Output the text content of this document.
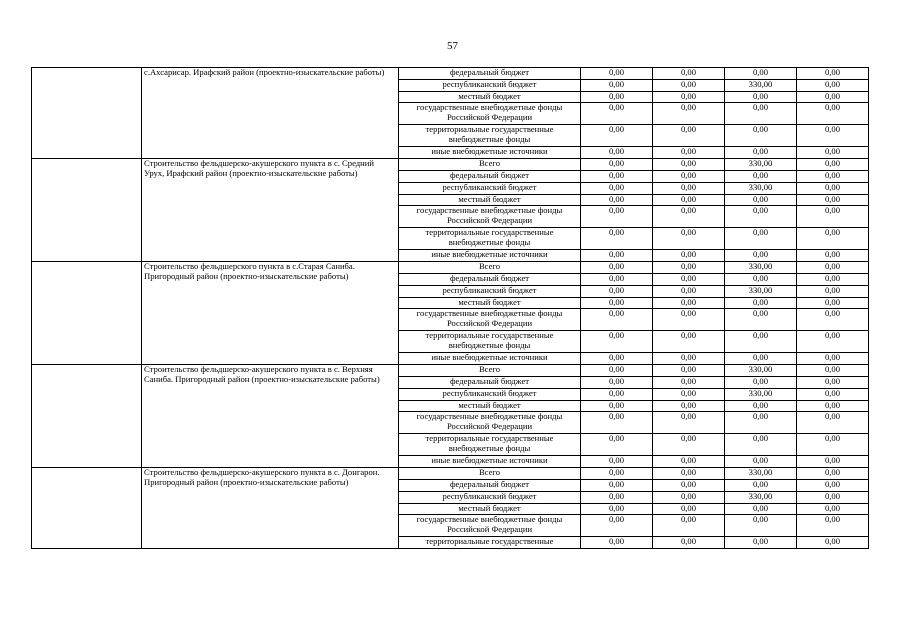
57
	с.Ахсарисар. Ирафский район (проектно-изыскательские работы)	федеральный бюджет	0,00	0,00	0,00	0,00
		республиканский бюджет	0,00	0,00	330,00	0,00
		местный бюджет	0,00	0,00	0,00	0,00
		государственные внебюджетные фонды Российской Федерации	0,00	0,00	0,00	0,00
		территориальные государственные внебюджетные фонды	0,00	0,00	0,00	0,00
		иные внебюджетные источники	0,00	0,00	0,00	0,00
	Строительство фельдшерско-акушерского пункта в с. Средний Урух, Ирафский район (проектно-изыскательские работы)	Всего	0,00	0,00	330,00	0,00
		федеральный бюджет	0,00	0,00	0,00	0,00
		республиканский бюджет	0,00	0,00	330,00	0,00
		местный бюджет	0,00	0,00	0,00	0,00
		государственные внебюджетные фонды Российской Федерации	0,00	0,00	0,00	0,00
		территориальные государственные внебюджетные фонды	0,00	0,00	0,00	0,00
		иные внебюджетные источники	0,00	0,00	0,00	0,00
	Строительство фельдшерского пункта в с.Старая Саниба. Пригородный район (проектно-изыскательские работы)	Всего	0,00	0,00	330,00	0,00
		федеральный бюджет	0,00	0,00	0,00	0,00
		республиканский бюджет	0,00	0,00	330,00	0,00
		местный бюджет	0,00	0,00	0,00	0,00
		государственные внебюджетные фонды Российской Федерации	0,00	0,00	0,00	0,00
		территориальные государственные внебюджетные фонды	0,00	0,00	0,00	0,00
		иные внебюджетные источники	0,00	0,00	0,00	0,00
	Строительство фельдшерско-акушерского пункта в с. Верхняя Саниба. Пригородный район (проектно-изыскательские работы)	Всего	0,00	0,00	330,00	0,00
		федеральный бюджет	0,00	0,00	0,00	0,00
		республиканский бюджет	0,00	0,00	330,00	0,00
		местный бюджет	0,00	0,00	0,00	0,00
		государственные внебюджетные фонды Российской Федерации	0,00	0,00	0,00	0,00
		территориальные государственные внебюджетные фонды	0,00	0,00	0,00	0,00
		иные внебюджетные источники	0,00	0,00	0,00	0,00
	Строительство фельдшерско-акушерского пункта в с. Донгарон. Пригородный район (проектно-изыскательские работы)	Всего	0,00	0,00	330,00	0,00
		федеральный бюджет	0,00	0,00	0,00	0,00
		республиканский бюджет	0,00	0,00	330,00	0,00
		местный бюджет	0,00	0,00	0,00	0,00
		государственные внебюджетные фонды Российской Федерации	0,00	0,00	0,00	0,00
		территориальные государственные	0,00	0,00	0,00	0,00
